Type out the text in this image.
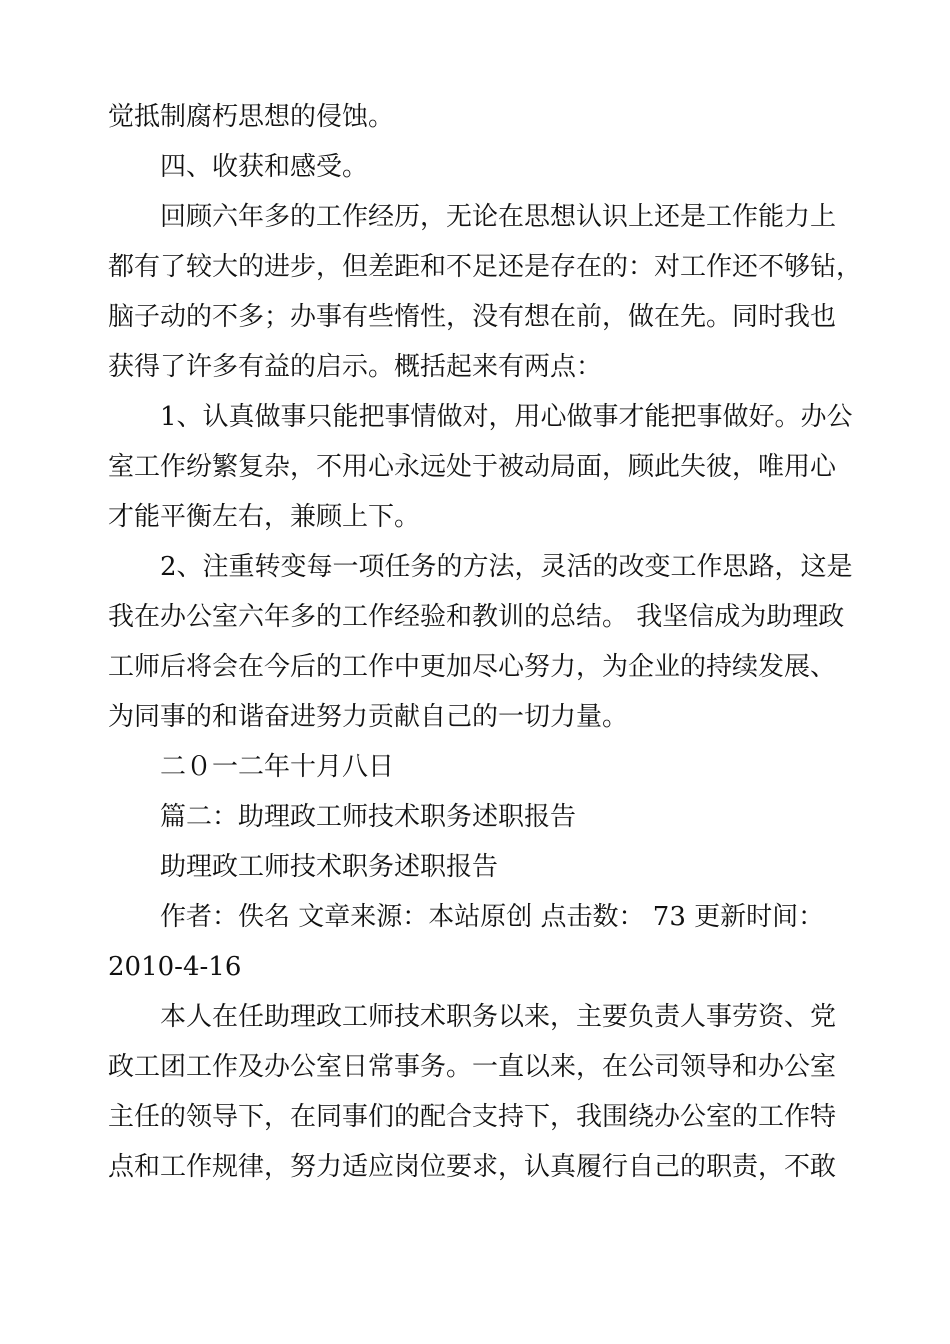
觉抵制腐朽思想的侵蚀。

四、收获和感受。

回顾六年多的工作经历，无论在思想认识上还是工作能力上

都有了较大的进步，但差距和不足还是存在的：对工作还不够钻，

脑子动的不多；办事有些惰性，没有想在前，做在先。同时我也

获得了许多有益的启示。概括起来有两点：

1、认真做事只能把事情做对，用心做事才能把事做好。办公

室工作纷繁复杂，不用心永远处于被动局面，顾此失彼，唯用心

才能平衡左右，兼顾上下。

2、注重转变每一项任务的方法，灵活的改变工作思路，这是

我在办公室六年多的工作经验和教训的总结。 我坚信成为助理政

工师后将会在今后的工作中更加尽心努力，为企业的持续发展、

为同事的和谐奋进努力贡献自己的一切力量。

二０一二年十月八日

篇二：助理政工师技术职务述职报告

助理政工师技术职务述职报告

作者：佚名 文章来源：本站原创 点击数： 73 更新时间：

2010-4-16

本人在任助理政工师技术职务以来，主要负责人事劳资、党

政工团工作及办公室日常事务。一直以来，在公司领导和办公室

主任的领导下，在同事们的配合支持下，我围绕办公室的工作特

点和工作规律，努力适应岗位要求，认真履行自己的职责，不敢
